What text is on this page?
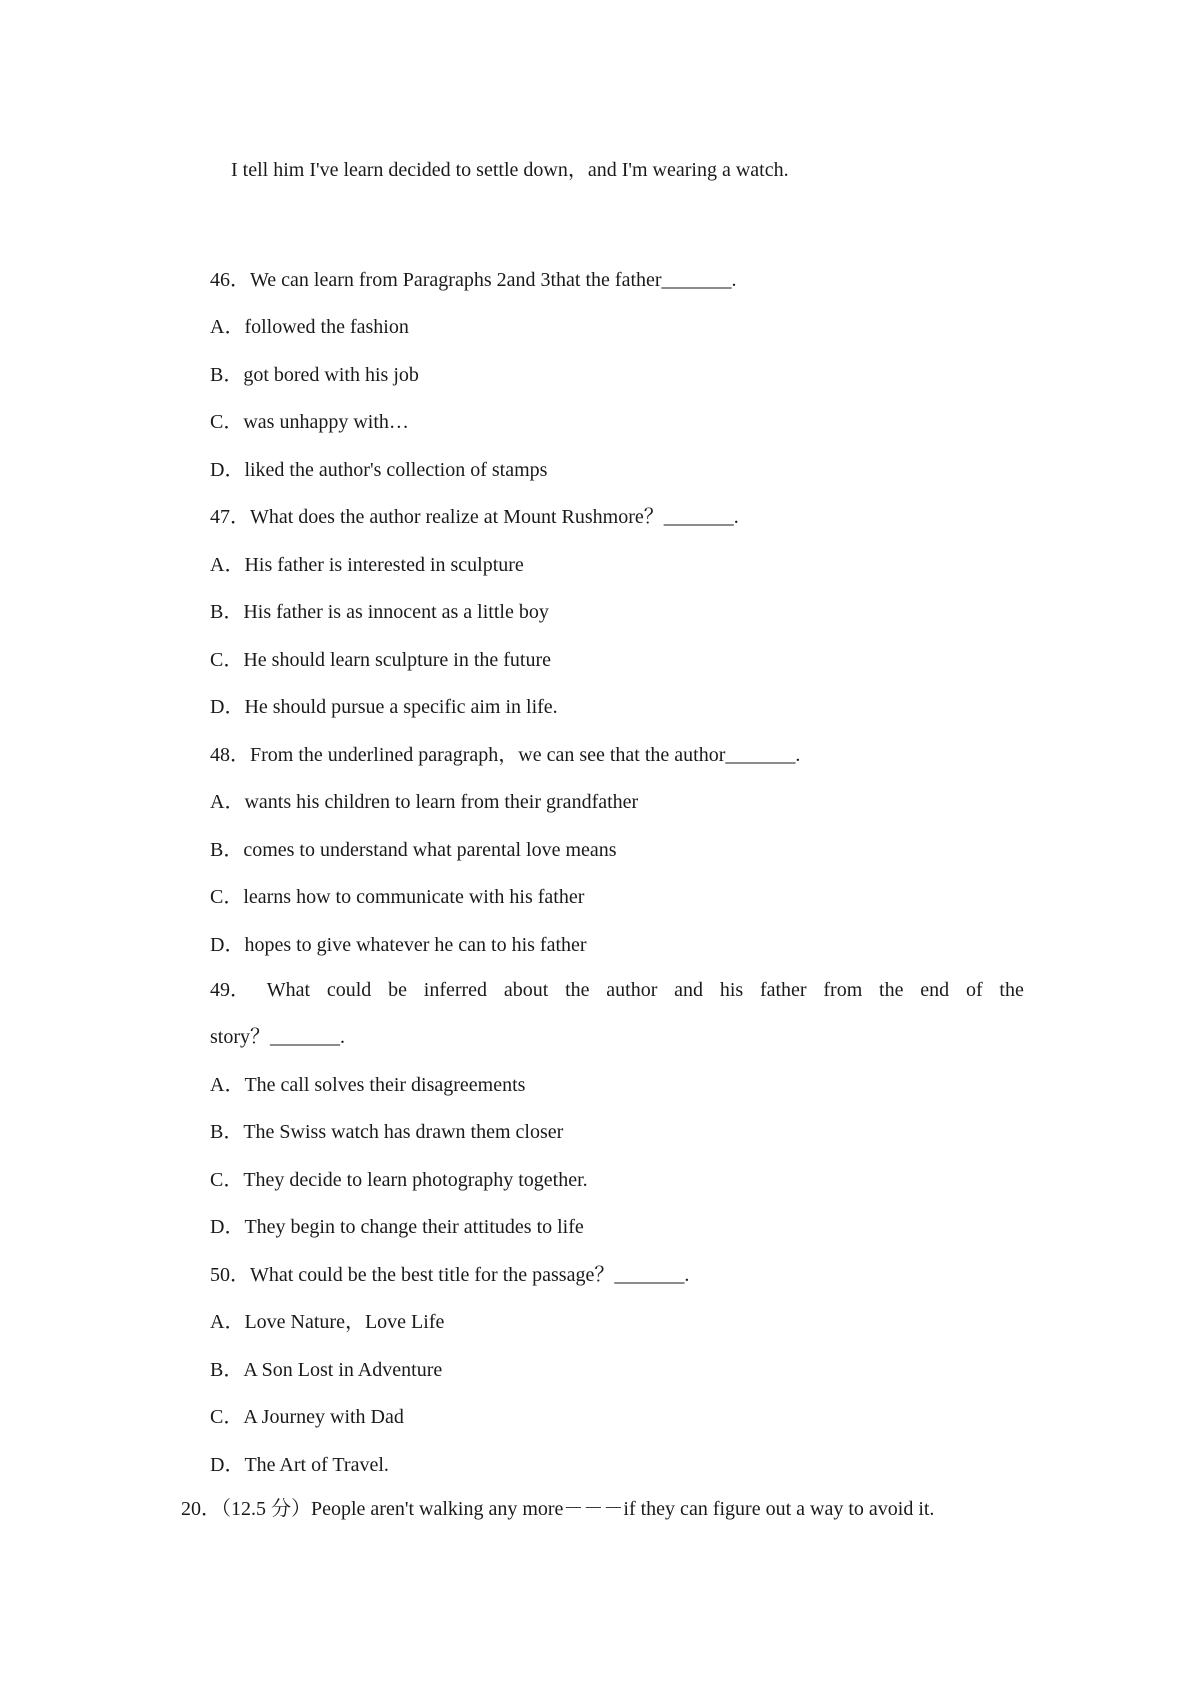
I tell him I've learn decided to settle down，and I'm wearing a watch.
46．We can learn from Paragraphs 2and 3that the father_______.
A．followed the fashion
B．got bored with his job
C．was unhappy with…
D．liked the author's collection of stamps
47．What does the author realize at Mount Rushmore？_______.
A．His father is interested in sculpture
B．His father is as innocent as a little boy
C．He should learn sculpture in the future
D．He should pursue a specific aim in life.
48．From the underlined paragraph，we can see that the author_______.
A．wants his children to learn from their grandfather
B．comes to understand what parental love means
C．learns how to communicate with his father
D．hopes to give whatever he can to his father
49． What could be inferred about the author and his father from the end of the
story？_______.
A．The call solves their disagreements
B．The Swiss watch has drawn them closer
C．They decide to learn photography together.
D．They begin to change their attitudes to life
50．What could be the best title for the passage？_______.
A．Love Nature，Love Life
B．A Son Lost in Adventure
C．A Journey with Dad
D．The Art of Travel.
20．（12.5 分）People aren't walking any more－－－if they can figure out a way to avoid it.
